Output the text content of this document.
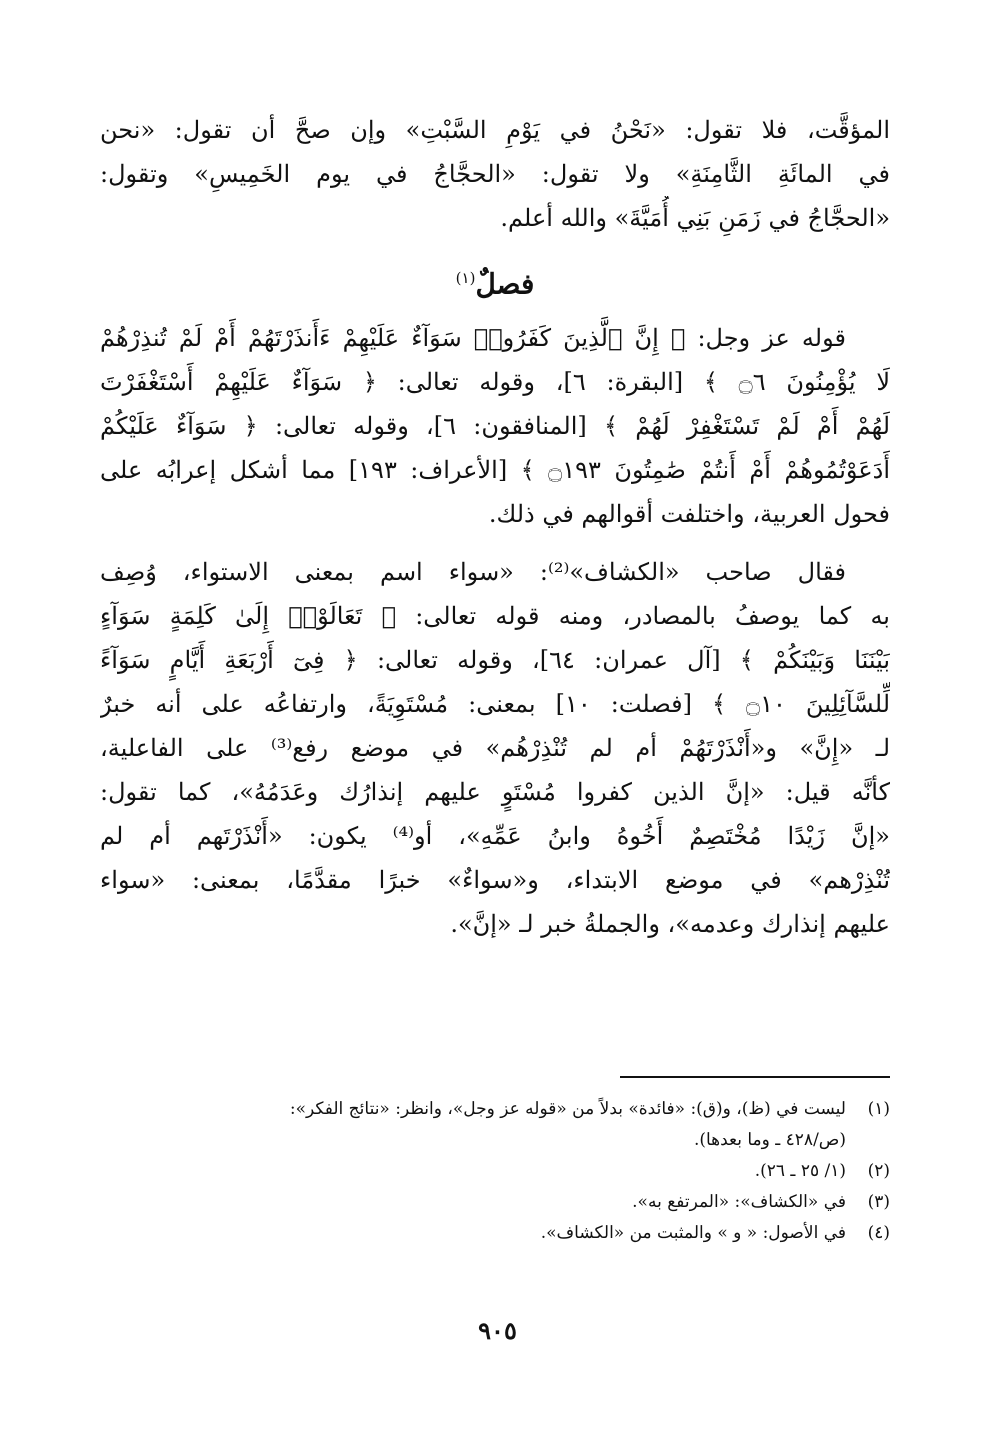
المؤقَّت، فلا تقول: «نَحْنُ في يَوْمِ السَّبْتِ» وإن صحَّ أن تقول: «نحن

في المائَةِ الثَّامِنَةِ» ولا تقول: «الحجَّاجُ في يوم الخَمِيسِ» وتقول:

«الحجَّاجُ في زَمَنِ بَنِي أُمَيَّةَ» والله أعلم.

فصلٌ$^{(١)}$

قوله عز وجل: ﴿ إِنَّ ٱلَّذِينَ كَفَرُوا۟ سَوَآءٌ عَلَيْهِمْ ءَأَنذَرْتَهُمْ أَمْ لَمْ تُنذِرْهُمْ

لَا يُؤْمِنُونَ ۝٦ ﴾ [البقرة: ٦]، وقوله تعالى: ﴿ سَوَآءٌ عَلَيْهِمْ أَسْتَغْفَرْتَ

لَهُمْ أَمْ لَمْ تَسْتَغْفِرْ لَهُمْ ﴾ [المنافقون: ٦]، وقوله تعالى: ﴿ سَوَآءٌ عَلَيْكُمْ

أَدَعَوْتُمُوهُمْ أَمْ أَنتُمْ صَٰمِتُونَ ۝١٩٣ ﴾ [الأعراف: ١٩٣] مما أشكل إعرابُه على

فحول العربية، واختلفت أقوالهم في ذلك.

فقال صاحب «الكشاف»⁽²⁾: «سواء اسم بمعنى الاستواء، وُصِف

به كما يوصفُ بالمصادر، ومنه قوله تعالى: ﴿ تَعَالَوْا۟ إِلَىٰ كَلِمَةٍ سَوَآءٍ

بَيْنَنَا وَبَيْنَكُمْ ﴾ [آل عمران: ٦٤]، وقوله تعالى: ﴿ فِىٓ أَرْبَعَةِ أَيَّامٍ سَوَآءً

لِّلسَّآئِلِينَ ۝١٠ ﴾ [فصلت: ١٠] بمعنى: مُسْتَوِيَةً، وارتفاعُه على أنه خبرٌ

لـ «إِنَّ» و«أَنْذَرْتَهُمْ أم لم تُنْذِرْهُم» في موضع رفع⁽³⁾ على الفاعلية،

كأنَّه قيل: «إنَّ الذين كفروا مُسْتَوٍ عليهم إنذارُك وعَدَمُهُ»، كما تقول:

«إنَّ زَيْدًا مُخْتَصِمٌ أَخُوهُ وابنُ عَمِّهِ»، أو⁽⁴⁾ يكون: «أَنْذَرْتَهم أم لم

تُنْذِرْهم» في موضع الابتداء، و«سواءٌ» خبرًا مقدَّمًا، بمعنى: «سواء

عليهم إنذارك وعدمه»، والجملةُ خبر لـ «إنَّ».

(١)
ليست في (ظ)، و(ق): «فائدة» بدلاً من «قوله عز وجل»، وانظر: «نتائج الفكر»:
(ص/٤٢٨ ـ وما بعدها).
(٢)
(١/ ٢٥ ـ ٢٦).
(٣)
في «الكشاف»: «المرتفع به».
(٤)
في الأصول: « و » والمثبت من «الكشاف».
٩٠٥
